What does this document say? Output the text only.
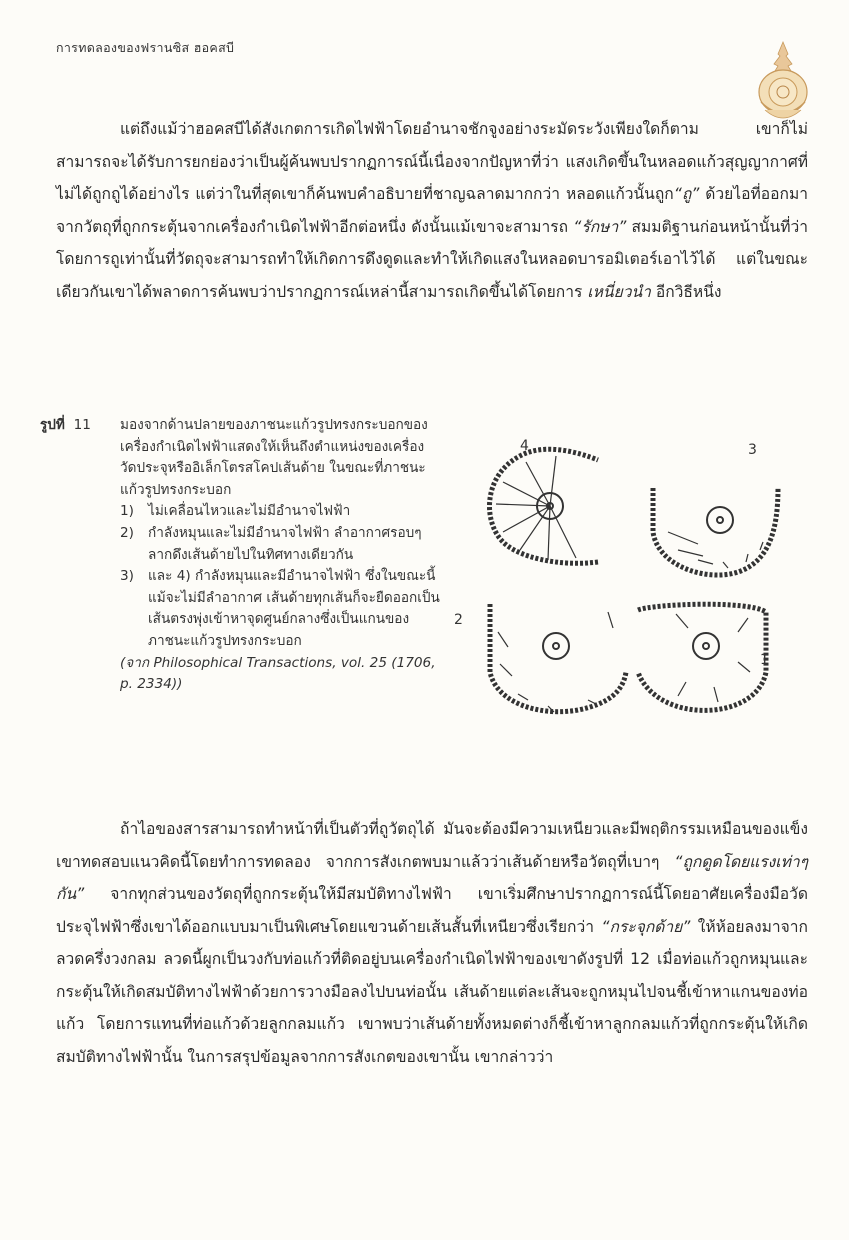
การทดลองของฟรานซิส ฮอคสบี

แต่ถึงแม้ว่าฮอคสบีได้สังเกตการเกิดไฟฟ้าโดยอำนาจชักจูงอย่างระมัดระวังเพียงใดก็ตาม เขาก็ไม่สามารถจะได้รับการยกย่องว่าเป็นผู้ค้นพบปรากฏการณ์นี้เนื่องจากปัญหาที่ว่า แสงเกิดขึ้นในหลอดแก้วสุญญากาศที่ไม่ได้ถูกถูได้อย่างไร แต่ว่าในที่สุดเขาก็ค้นพบคำอธิบายที่ชาญฉลาดมากกว่า หลอดแก้วนั้นถูก“ถู” ด้วยไอที่ออกมาจากวัตถุที่ถูกกระตุ้นจากเครื่องกำเนิดไฟฟ้าอีกต่อหนึ่ง ดังนั้นแม้เขาจะสามารถ “รักษา” สมมติฐานก่อนหน้านั้นที่ว่า โดยการถูเท่านั้นที่วัตถุจะสามารถทำให้เกิดการดึงดูดและทำให้เกิดแสงในหลอดบารอมิเตอร์เอาไว้ได้ แต่ในขณะเดียวกันเขาได้พลาดการค้นพบว่าปรากฏการณ์เหล่านี้สามารถเกิดขึ้นได้โดยการ เหนี่ยวนำ อีกวิธีหนึ่ง

รูปที่ 11	มองจากด้านปลายของภาชนะแก้วรูปทรงกระบอกของเครื่องกำเนิดไฟฟ้าแสดงให้เห็นถึงตำแหน่งของเครื่องวัดประจุหรืออิเล็กโตรสโคปเส้นด้าย ในขณะที่ภาชนะแก้วรูปทรงกระบอก
1)	ไม่เคลื่อนไหวและไม่มีอำนาจไฟฟ้า
2)	กำลังหมุนและไม่มีอำนาจไฟฟ้า ลำอากาศรอบๆลากดึงเส้นด้ายไปในทิศทางเดียวกัน
3)	และ 4) กำลังหมุนและมีอำนาจไฟฟ้า ซึ่งในขณะนี้แม้จะไม่มีลำอากาศ เส้นด้ายทุกเส้นก็จะยืดออกเป็นเส้นตรงพุ่งเข้าหาจุดศูนย์กลางซึ่งเป็นแกนของภาชนะแก้วรูปทรงกระบอก
(จาก Philosophical Transactions, vol. 25 (1706, p. 2334))
4	3
2
1

ถ้าไอของสารสามารถทำหน้าที่เป็นตัวที่ถูวัตถุได้ มันจะต้องมีความเหนียวและมีพฤติกรรมเหมือนของแข็ง เขาทดสอบแนวคิดนี้โดยทำการทดลอง จากการสังเกตพบมาแล้วว่าเส้นด้ายหรือวัตถุที่เบาๆ “ถูกดูดโดยแรงเท่าๆกัน” จากทุกส่วนของวัตถุที่ถูกกระตุ้นให้มีสมบัติทางไฟฟ้า เขาเริ่มศึกษาปรากฏการณ์นี้โดยอาศัยเครื่องมือวัดประจุไฟฟ้าซึ่งเขาได้ออกแบบมาเป็นพิเศษโดยแขวนด้ายเส้นสั้นที่เหนียวซึ่งเรียกว่า “กระจุกด้าย” ให้ห้อยลงมาจากลวดครึ่งวงกลม ลวดนี้ผูกเป็นวงกับท่อแก้วที่ติดอยู่บนเครื่องกำเนิดไฟฟ้าของเขาดังรูปที่ 12 เมื่อท่อแก้วถูกหมุนและกระตุ้นให้เกิดสมบัติทางไฟฟ้าด้วยการวางมือลงไปบนท่อนั้น เส้นด้ายแต่ละเส้นจะถูกหมุนไปจนชี้เข้าหาแกนของท่อแก้ว โดยการแทนที่ท่อแก้วด้วยลูกกลมแก้ว เขาพบว่าเส้นด้ายทั้งหมดต่างก็ชี้เข้าหาลูกกลมแก้วที่ถูกกระตุ้นให้เกิดสมบัติทางไฟฟ้านั้น ในการสรุปข้อมูลจากการสังเกตของเขานั้น เขากล่าวว่า
